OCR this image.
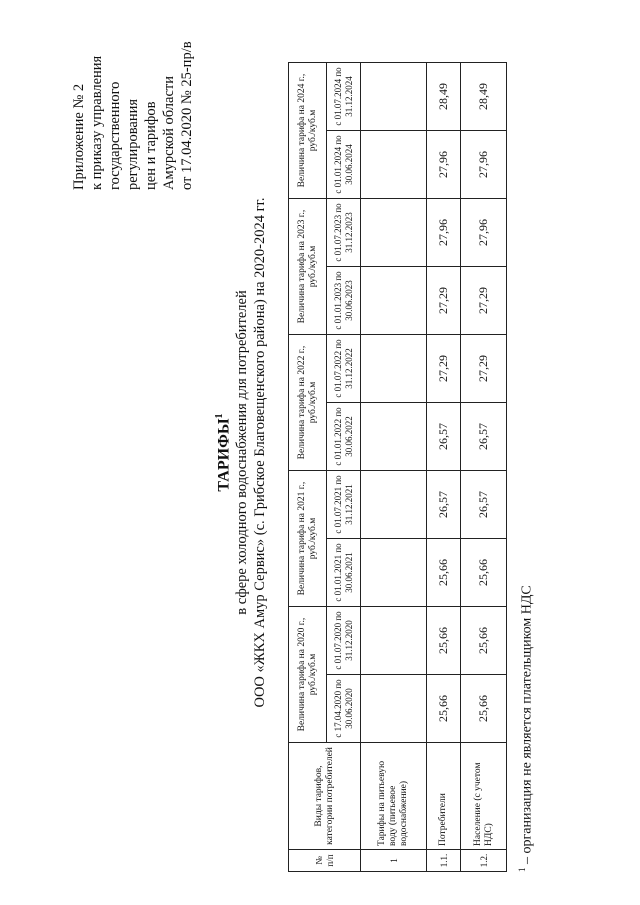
Приложение № 2 к приказу управления государственного регулирования цен и тарифов Амурской области от 17.04.2020 № 25-пр/в
ТАРИФЫ$^1$ в сфере холодного водоснабжения для потребителей ООО «ЖКХ Амур Сервис» (с. Грибское Благовещенского района) на 2020-2024 гг.
№ п/п	Виды тарифов, категории потребителей	Величина тарифа на 2020 г., руб./куб.м		Величина тарифа на 2021 г., руб./куб.м		Величина тарифа на 2022 г., руб./куб.м		Величина тарифа на 2023 г., руб./куб.м		Величина тарифа на 2024 г., руб./куб.м	
		с 17.04.2020 по 30.06.2020	с 01.07.2020 по 31.12.2020	с 01.01.2021 по 30.06.2021	с 01.07.2021 по 31.12.2021	с 01.01.2022 по 30.06.2022	с 01.07.2022 по 31.12.2022	с 01.01.2023 по 30.06.2023	с 01.07.2023 по 31.12.2023	с 01.01.2024 по 30.06.2024	с 01.07.2024 по 31.12.2024
1	Тарифы на питьевую воду (питьевое водоснабжение)										
1.1.	Потребители	25,66	25,66	25,66	26,57	26,57	27,29	27,29	27,96	27,96	28,49
1.2.	Население (с учетом НДС)	25,66	25,66	25,66	26,57	26,57	27,29	27,29	27,96	27,96	28,49
$^1$ – организация не является плательщиком НДС
